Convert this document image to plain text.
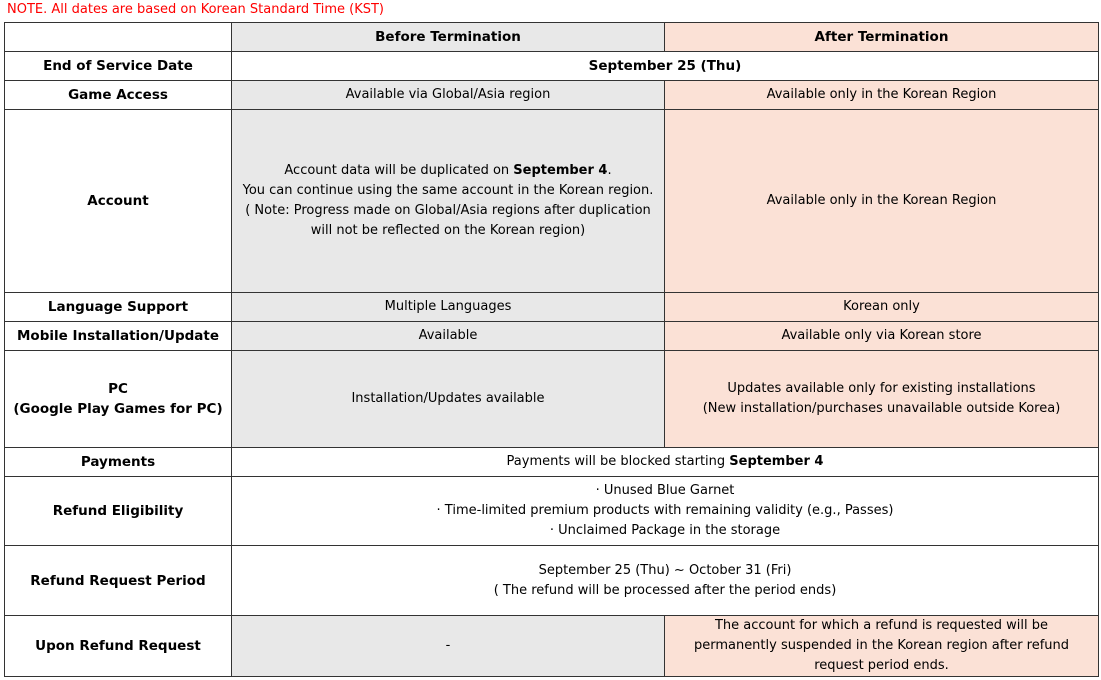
NOTE. All dates are based on Korean Standard Time (KST)
	Before Termination	After Termination
End of Service Date	September 25 (Thu)	
Game Access	Available via Global/Asia region	Available only in the Korean Region
Account	Account data will be duplicated on September 4.
You can continue using the same account in the Korean region.
( Note: Progress made on Global/Asia regions after duplication
will not be reflected on the Korean region)	Available only in the Korean Region
Language Support	Multiple Languages	Korean only
Mobile Installation/Update	Available	Available only via Korean store

PC
(Google Play Games for PC)	Installation/Updates available	Updates available only for existing installations
(New installation/purchases unavailable outside Korea)

Payments	Payments will be blocked starting September 4	
Refund Eligibility	· Unused Blue Garnet
· Time-limited premium products with remaining validity (e.g., Passes)
· Unclaimed Package in the storage	

Refund Request Period	September 25 (Thu) ~ October 31 (Fri)
( The refund will be processed after the period ends)	

Upon Refund Request	-	The account for which a refund is requested will be
permanently suspended in the Korean region after refund
request period ends.
